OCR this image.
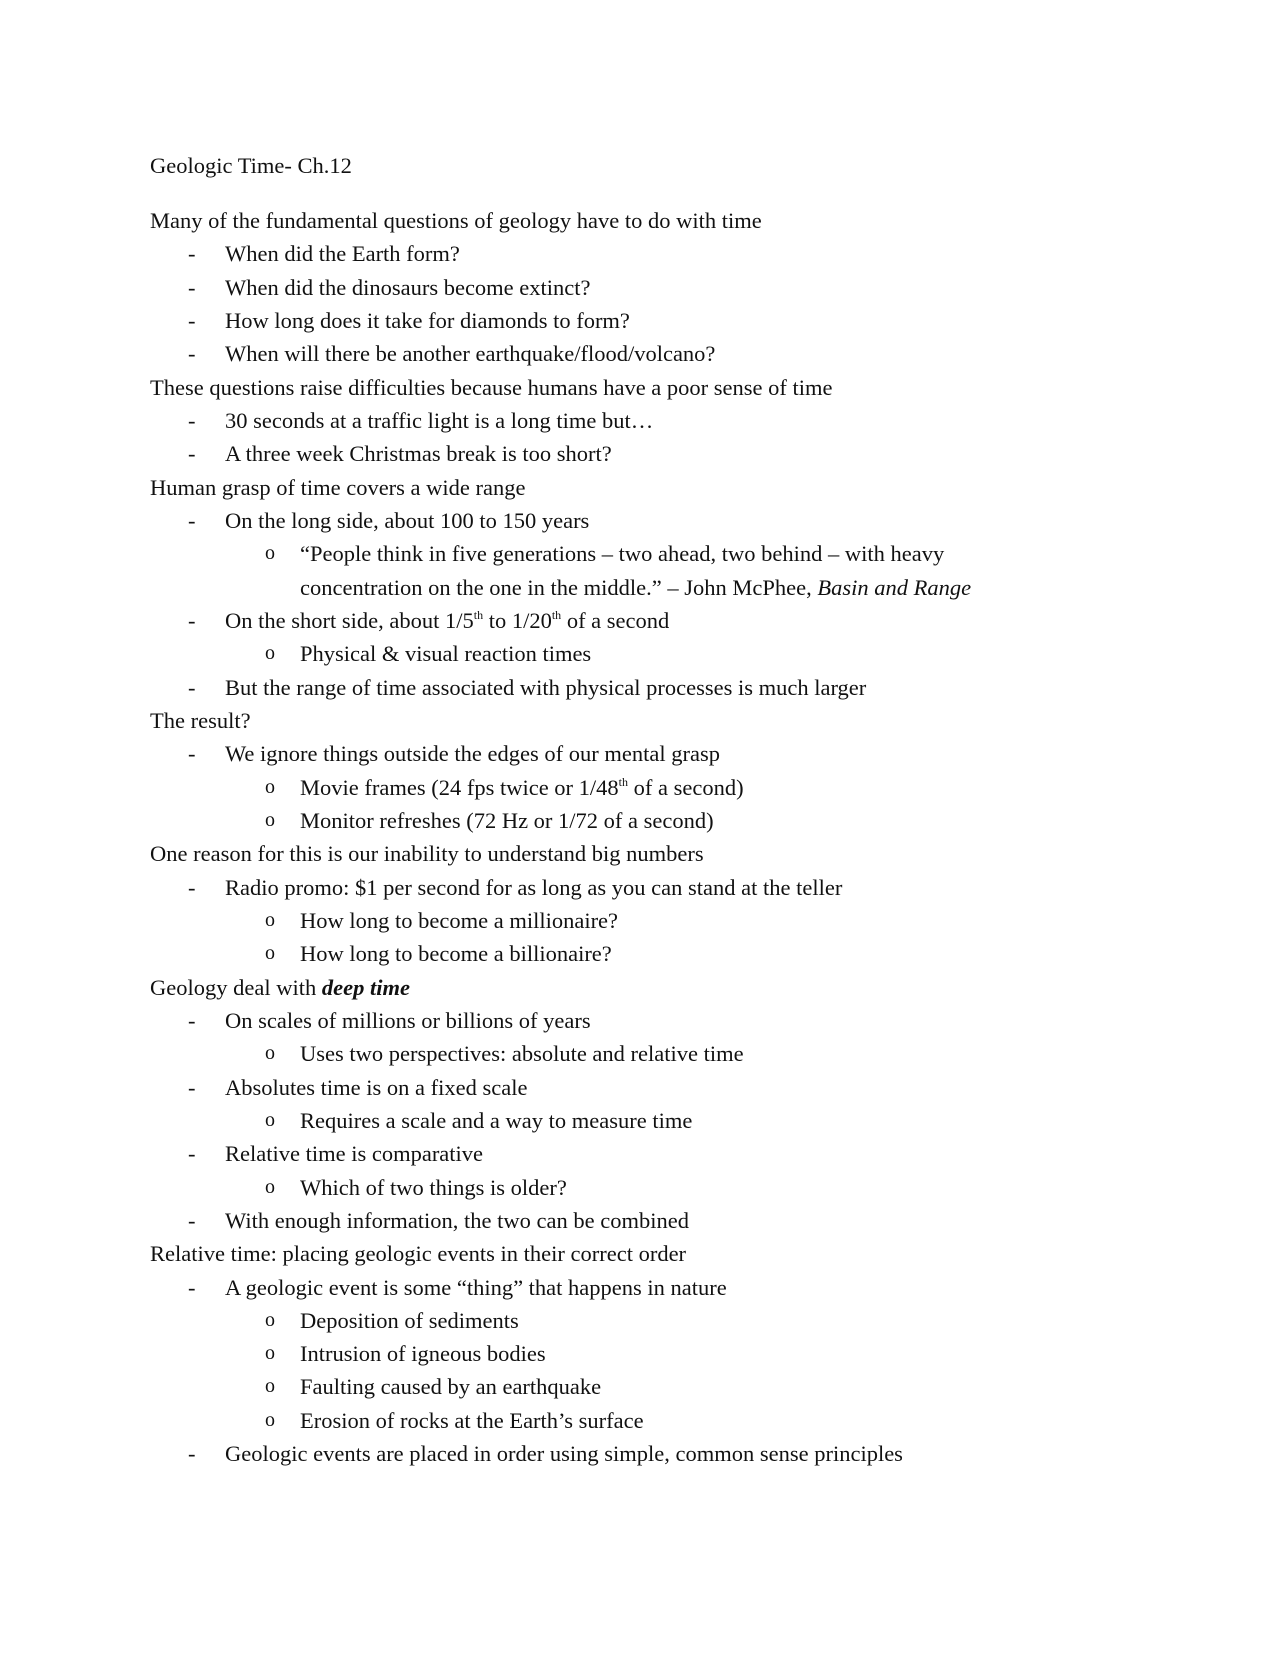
Geologic Time- Ch.12
Many of the fundamental questions of geology have to do with time
- When did the Earth form?
- When did the dinosaurs become extinct?
- How long does it take for diamonds to form?
- When will there be another earthquake/flood/volcano?
These questions raise difficulties because humans have a poor sense of time
- 30 seconds at a traffic light is a long time but…
- A three week Christmas break is too short?
Human grasp of time covers a wide range
- On the long side, about 100 to 150 years
o “People think in five generations – two ahead, two behind – with heavy
concentration on the one in the middle.” – John McPhee, Basin and Range
- On the short side, about 1/5th to 1/20th of a second
o Physical & visual reaction times
- But the range of time associated with physical processes is much larger
The result?
- We ignore things outside the edges of our mental grasp
o Movie frames (24 fps twice or 1/48th of a second)
o Monitor refreshes (72 Hz or 1/72 of a second)
One reason for this is our inability to understand big numbers
- Radio promo: $1 per second for as long as you can stand at the teller
o How long to become a millionaire?
o How long to become a billionaire?
Geology deal with deep time
- On scales of millions or billions of years
o Uses two perspectives: absolute and relative time
- Absolutes time is on a fixed scale
o Requires a scale and a way to measure time
- Relative time is comparative
o Which of two things is older?
- With enough information, the two can be combined
Relative time: placing geologic events in their correct order
- A geologic event is some “thing” that happens in nature
o Deposition of sediments
o Intrusion of igneous bodies
o Faulting caused by an earthquake
o Erosion of rocks at the Earth’s surface
- Geologic events are placed in order using simple, common sense principles
